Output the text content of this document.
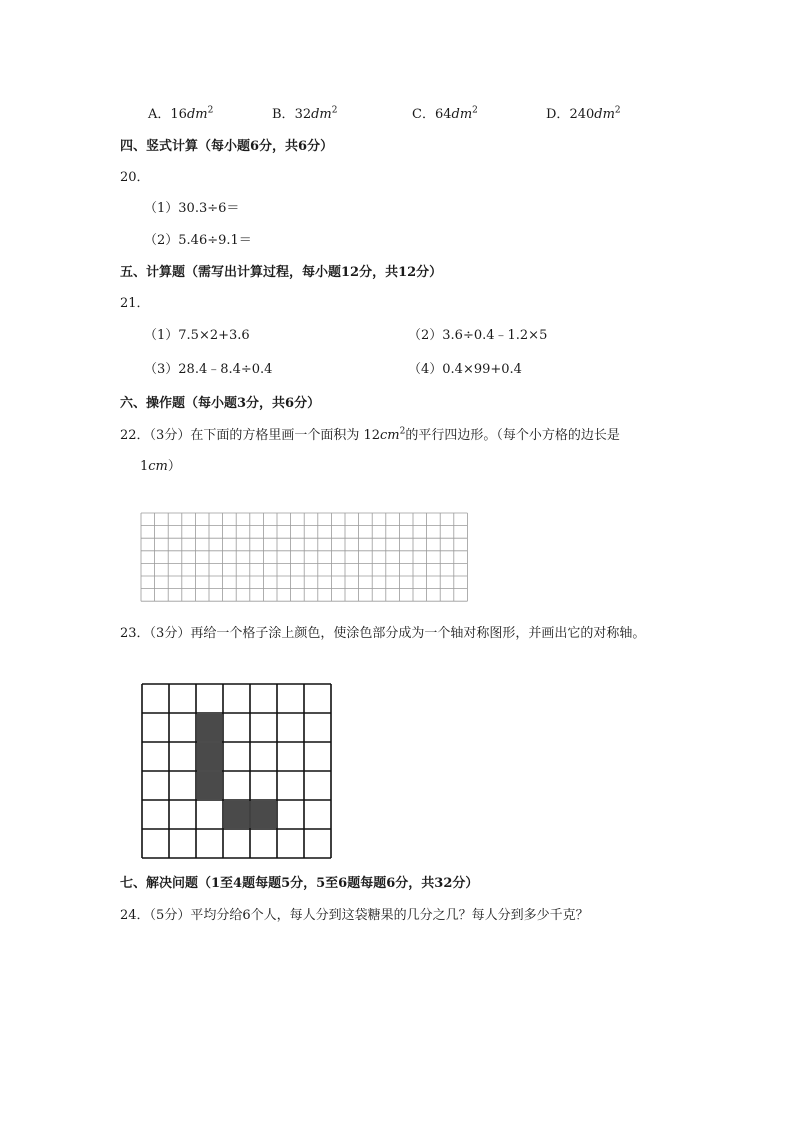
A．$16dm^2$	B．$32dm^2$	C．$64dm^2$	D．$240dm^2$
四、竖式计算（每小题6分，共6分）
20．
（1）30.3÷6＝
（2）5.46÷9.1＝
五、计算题（需写出计算过程，每小题12分，共12分）
21．
（1）7.5×2+3.6	（2）3.6÷0.4﹣1.2×5
（3）28.4﹣8.4÷0.4	（4）0.4×99+0.4
六、操作题（每小题3分，共6分）
22．（3分）在下面的方格里画一个面积为 $12cm^2$的平行四边形。（每个小方格的边长是
1cm）
23．（3分）再给一个格子涂上颜色，使涂色部分成为一个轴对称图形，并画出它的对称轴。
七、解决问题（1至4题每题5分，5至6题每题6分，共32分）
24．（5分）平均分给6个人，每人分到这袋糖果的几分之几？每人分到多少千克？
